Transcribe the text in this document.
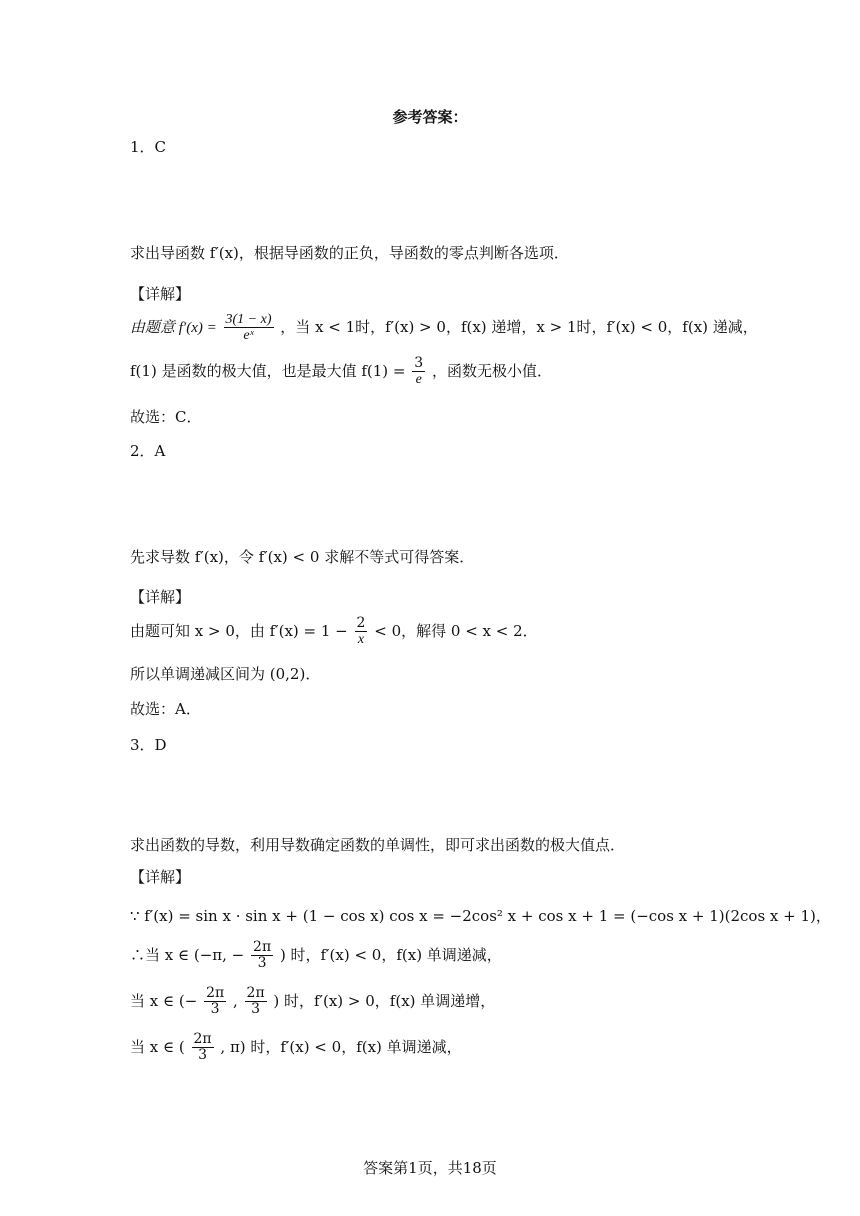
参考答案：
1．C
求出导函数 f′(x)，根据导函数的正负，导函数的零点判断各选项．
【详解】
由题意 $f'(x) = \frac{3(1 - x)}{\text{eˣ}}$ ，当 x < 1时，f′(x) > 0，f(x) 递增，x > 1时，f′(x) < 0，f(x) 递减，
f(1) 是函数的极大值，也是最大值 $f(1) = \frac{3}{e}$ ，函数无极小值．
故选：C．
2．A
先求导数 f′(x)，令 f′(x) < 0 求解不等式可得答案．
【详解】
由题可知 x > 0，由 $f'(x) = 1 - \frac{2}{x} < 0$，解得 0 < x < 2．
所以单调递减区间为 (0,2)．
故选：A．
3．D
求出函数的导数，利用导数确定函数的单调性，即可求出函数的极大值点．
【详解】
∵ f′(x) = sin x · sin x + (1 − cos x) cos x = −2cos² x + cos x + 1 = (−cos x + 1)(2cos x + 1)，
∴当 x ∈ (−π, − $\frac{2\pi}{3}$ ) 时，f′(x) < 0，f(x) 单调递减，
当 x ∈ (− $\frac{2\pi}{3}$ , $\frac{2\pi}{3}$ ) 时，f′(x) > 0，f(x) 单调递增，
当 x ∈ ( $\frac{2\pi}{3}$ , π) 时，f′(x) < 0，f(x) 单调递减，
答案第1页，共18页
